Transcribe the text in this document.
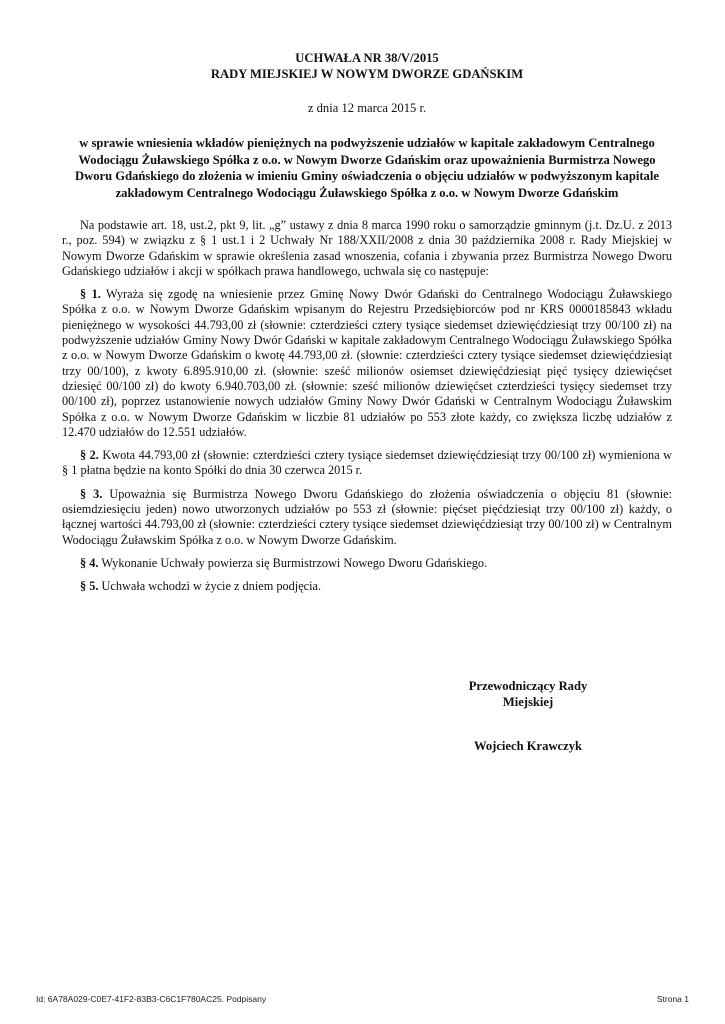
UCHWAŁA NR 38/V/2015

RADY MIEJSKIEJ W NOWYM DWORZE GDAŃSKIM

z dnia 12 marca 2015 r.
w sprawie wniesienia wkładów pieniężnych na podwyższenie udziałów w kapitale zakładowym Centralnego Wodociągu Żuławskiego Spółka z o.o. w Nowym Dworze Gdańskim oraz upoważnienia Burmistrza Nowego Dworu Gdańskiego do złożenia w imieniu Gminy oświadczenia o objęciu udziałów w podwyższonym kapitale zakładowym Centralnego Wodociągu Żuławskiego Spółka z o.o. w Nowym Dworze Gdańskim

Na podstawie art. 18, ust.2, pkt 9, lit. „g” ustawy z dnia 8 marca 1990 roku o samorządzie gminnym (j.t. Dz.U. z 2013 r., poz. 594) w związku z § 1 ust.1 i 2 Uchwały Nr 188/XXII/2008 z dnia 30 października 2008 r. Rady Miejskiej w Nowym Dworze Gdańskim w sprawie określenia zasad wnoszenia, cofania i zbywania przez Burmistrza Nowego Dworu Gdańskiego udziałów i akcji w spółkach prawa handlowego, uchwala się co następuje:

§ 1. Wyraża się zgodę na wniesienie przez Gminę Nowy Dwór Gdański do Centralnego Wodociągu Żuławskiego Spółka z o.o. w Nowym Dworze Gdańskim wpisanym do Rejestru Przedsiębiorców pod nr KRS 0000185843 wkładu pieniężnego w wysokości 44.793,00 zł (słownie: czterdzieści cztery tysiące siedemset dziewięćdziesiąt trzy 00/100 zł) na podwyższenie udziałów Gminy Nowy Dwór Gdański w kapitale zakładowym Centralnego Wodociągu Żuławskiego Spółka z o.o. w Nowym Dworze Gdańskim o kwotę 44.793,00 zł. (słownie: czterdzieści cztery tysiące siedemset dziewięćdziesiąt trzy 00/100), z kwoty 6.895.910,00 zł. (słownie: sześć milionów osiemset dziewięćdziesiąt pięć tysięcy dziewięćset dziesięć 00/100 zł) do kwoty 6.940.703,00 zł. (słownie: sześć milionów dziewięćset czterdzieści tysięcy siedemset trzy 00/100 zł), poprzez ustanowienie nowych udziałów Gminy Nowy Dwór Gdański w Centralnym Wodociągu Żuławskim Spółka z o.o. w Nowym Dworze Gdańskim w liczbie 81 udziałów po 553 złote każdy, co zwiększa liczbę udziałów z 12.470 udziałów do 12.551 udziałów.

§ 2. Kwota 44.793,00 zł (słownie: czterdzieści cztery tysiące siedemset dziewięćdziesiąt trzy 00/100 zł) wymieniona w § 1 płatna będzie na konto Spółki do dnia 30 czerwca 2015 r.

§ 3. Upoważnia się Burmistrza Nowego Dworu Gdańskiego do złożenia oświadczenia o objęciu 81 (słownie: osiemdziesięciu jeden) nowo utworzonych udziałów po 553 zł (słownie: pięćset pięćdziesiąt trzy 00/100 zł) każdy, o łącznej wartości 44.793,00 zł (słownie: czterdzieści cztery tysiące siedemset dziewięćdziesiąt trzy 00/100 zł) w Centralnym Wodociągu Żuławskim Spółka z o.o. w Nowym Dworze Gdańskim.

§ 4. Wykonanie Uchwały powierza się Burmistrzowi Nowego Dworu Gdańskiego.

§ 5. Uchwała wchodzi w życie z dniem podjęcia.

Przewodniczący Rady
Miejskiej
Wojciech Krawczyk
Id: 6A78A029-C0E7-41F2-83B3-C6C1F780AC25. Podpisany	Strona 1
